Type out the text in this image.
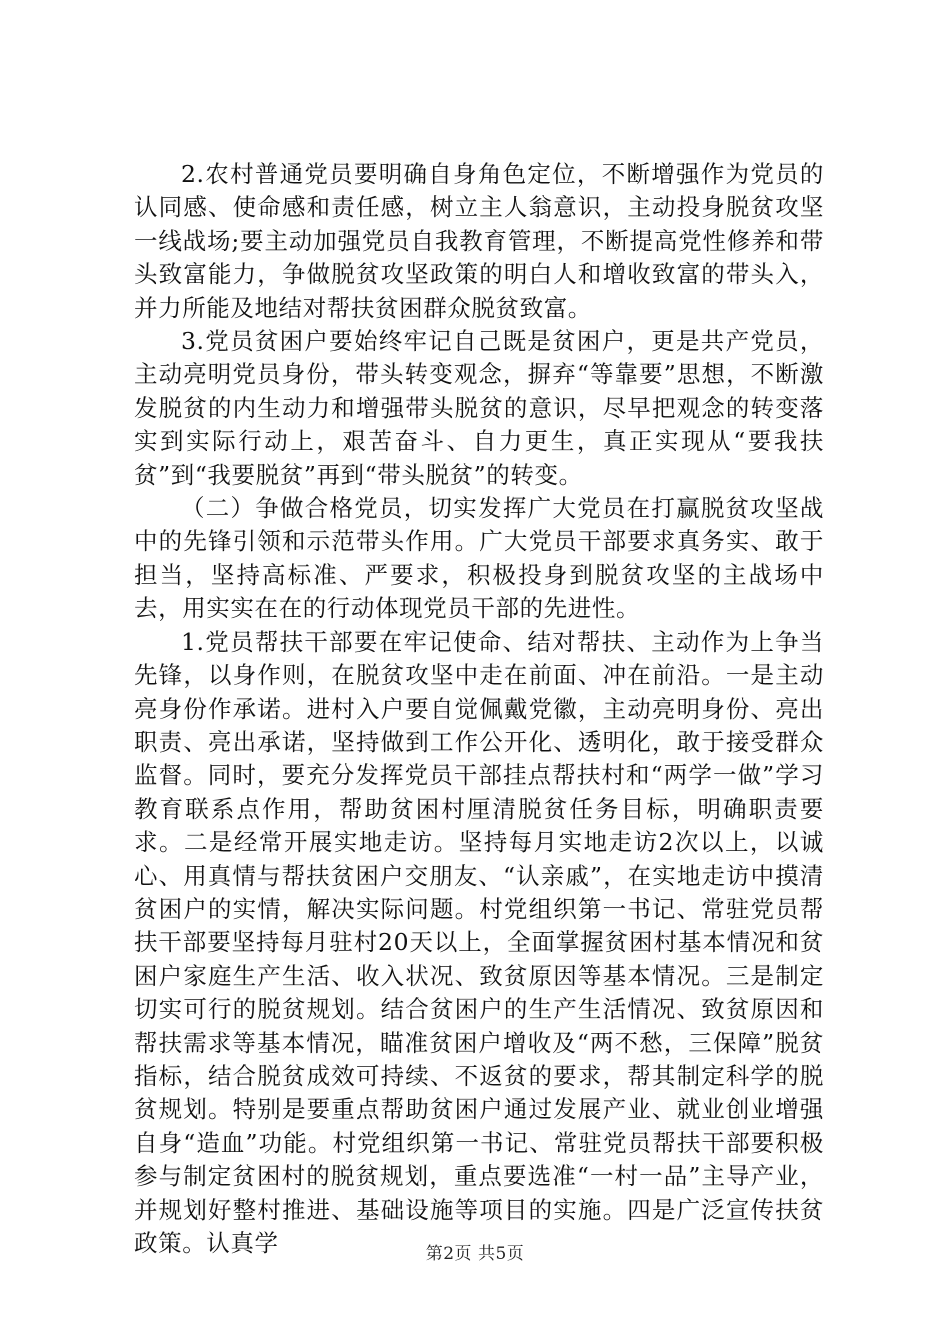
2.农村普通党员要明确自身角色定位，不断增强作为党员的认同感、使命感和责任感，树立主人翁意识，主动投身脱贫攻坚一线战场;要主动加强党员自我教育管理，不断提高党性修养和带头致富能力，争做脱贫攻坚政策的明白人和增收致富的带头入，并力所能及地结对帮扶贫困群众脱贫致富。

3.党员贫困户要始终牢记自己既是贫困户，更是共产党员，主动亮明党员身份，带头转变观念，摒弃“等靠要”思想，不断激发脱贫的内生动力和增强带头脱贫的意识，尽早把观念的转变落实到实际行动上，艰苦奋斗、自力更生，真正实现从“要我扶贫”到“我要脱贫”再到“带头脱贫”的转变。

（二）争做合格党员，切实发挥广大党员在打赢脱贫攻坚战中的先锋引领和示范带头作用。广大党员干部要求真务实、敢于担当，坚持高标准、严要求，积极投身到脱贫攻坚的主战场中去，用实实在在的行动体现党员干部的先进性。

1.党员帮扶干部要在牢记使命、结对帮扶、主动作为上争当先锋，以身作则，在脱贫攻坚中走在前面、冲在前沿。一是主动亮身份作承诺。进村入户要自觉佩戴党徽，主动亮明身份、亮出职责、亮出承诺，坚持做到工作公开化、透明化，敢于接受群众监督。同时，要充分发挥党员干部挂点帮扶村和“两学一做”学习教育联系点作用，帮助贫困村厘清脱贫任务目标，明确职责要求。二是经常开展实地走访。坚持每月实地走访2次以上，以诚心、用真情与帮扶贫困户交朋友、“认亲戚”，在实地走访中摸清贫困户的实情，解决实际问题。村党组织第一书记、常驻党员帮扶干部要坚持每月驻村20天以上，全面掌握贫困村基本情况和贫困户家庭生产生活、收入状况、致贫原因等基本情况。三是制定切实可行的脱贫规划。结合贫困户的生产生活情况、致贫原因和帮扶需求等基本情况，瞄准贫困户增收及“两不愁，三保障”脱贫指标，结合脱贫成效可持续、不返贫的要求，帮其制定科学的脱贫规划。特别是要重点帮助贫困户通过发展产业、就业创业增强自身“造血”功能。村党组织第一书记、常驻党员帮扶干部要积极参与制定贫困村的脱贫规划，重点要选准“一村一品”主导产业，并规划好整村推进、基础设施等项目的实施。四是广泛宣传扶贫政策。认真学	第2页 共5页
